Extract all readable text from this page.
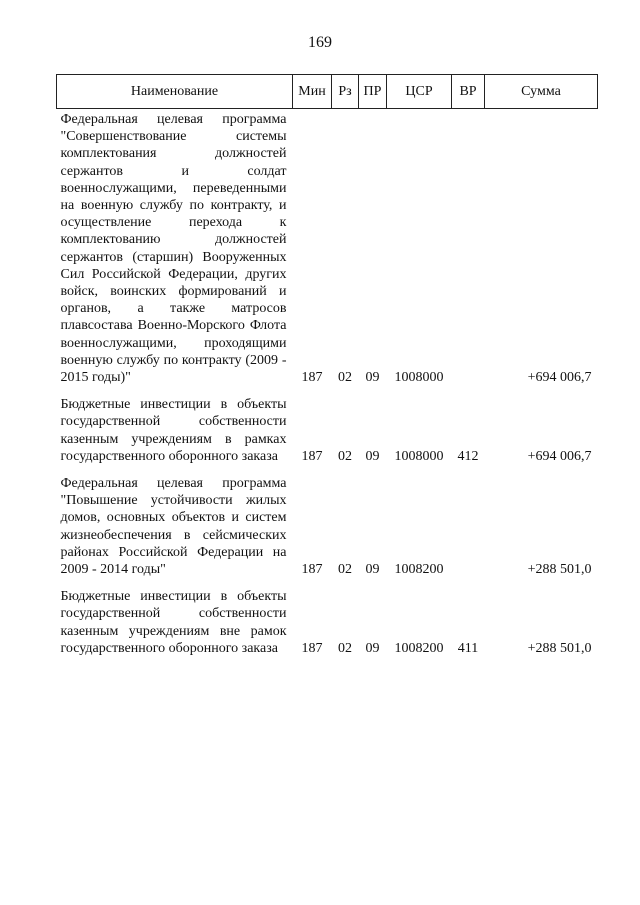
169
Наименование	Мин	Рз	ПР	ЦСР	ВР	Сумма
Федеральная целевая программа "Совершенствование системы комплектования должностей сержантов и солдат военнослужащими, переведенными на военную службу по контракту, и осуществление перехода к комплектованию должностей сержантов (старшин) Вооруженных Сил Российской Федерации, других войск, воинских формирований и органов, а также матросов плавсостава Военно-Морского Флота военнослужащими, проходящими военную службу по контракту (2009 - 2015 годы)"	187	02	09	1008000		+694 006,7
Бюджетные инвестиции в объекты государственной собственности казенным учреждениям в рамках государственного оборонного заказа	187	02	09	1008000	412	+694 006,7
Федеральная целевая программа "Повышение устойчивости жилых домов, основных объектов и систем жизнеобеспечения в сейсмических районах Российской Федерации на 2009 - 2014 годы"	187	02	09	1008200		+288 501,0
Бюджетные инвестиции в объекты государственной собственности казенным учреждениям вне рамок государственного оборонного заказа	187	02	09	1008200	411	+288 501,0
